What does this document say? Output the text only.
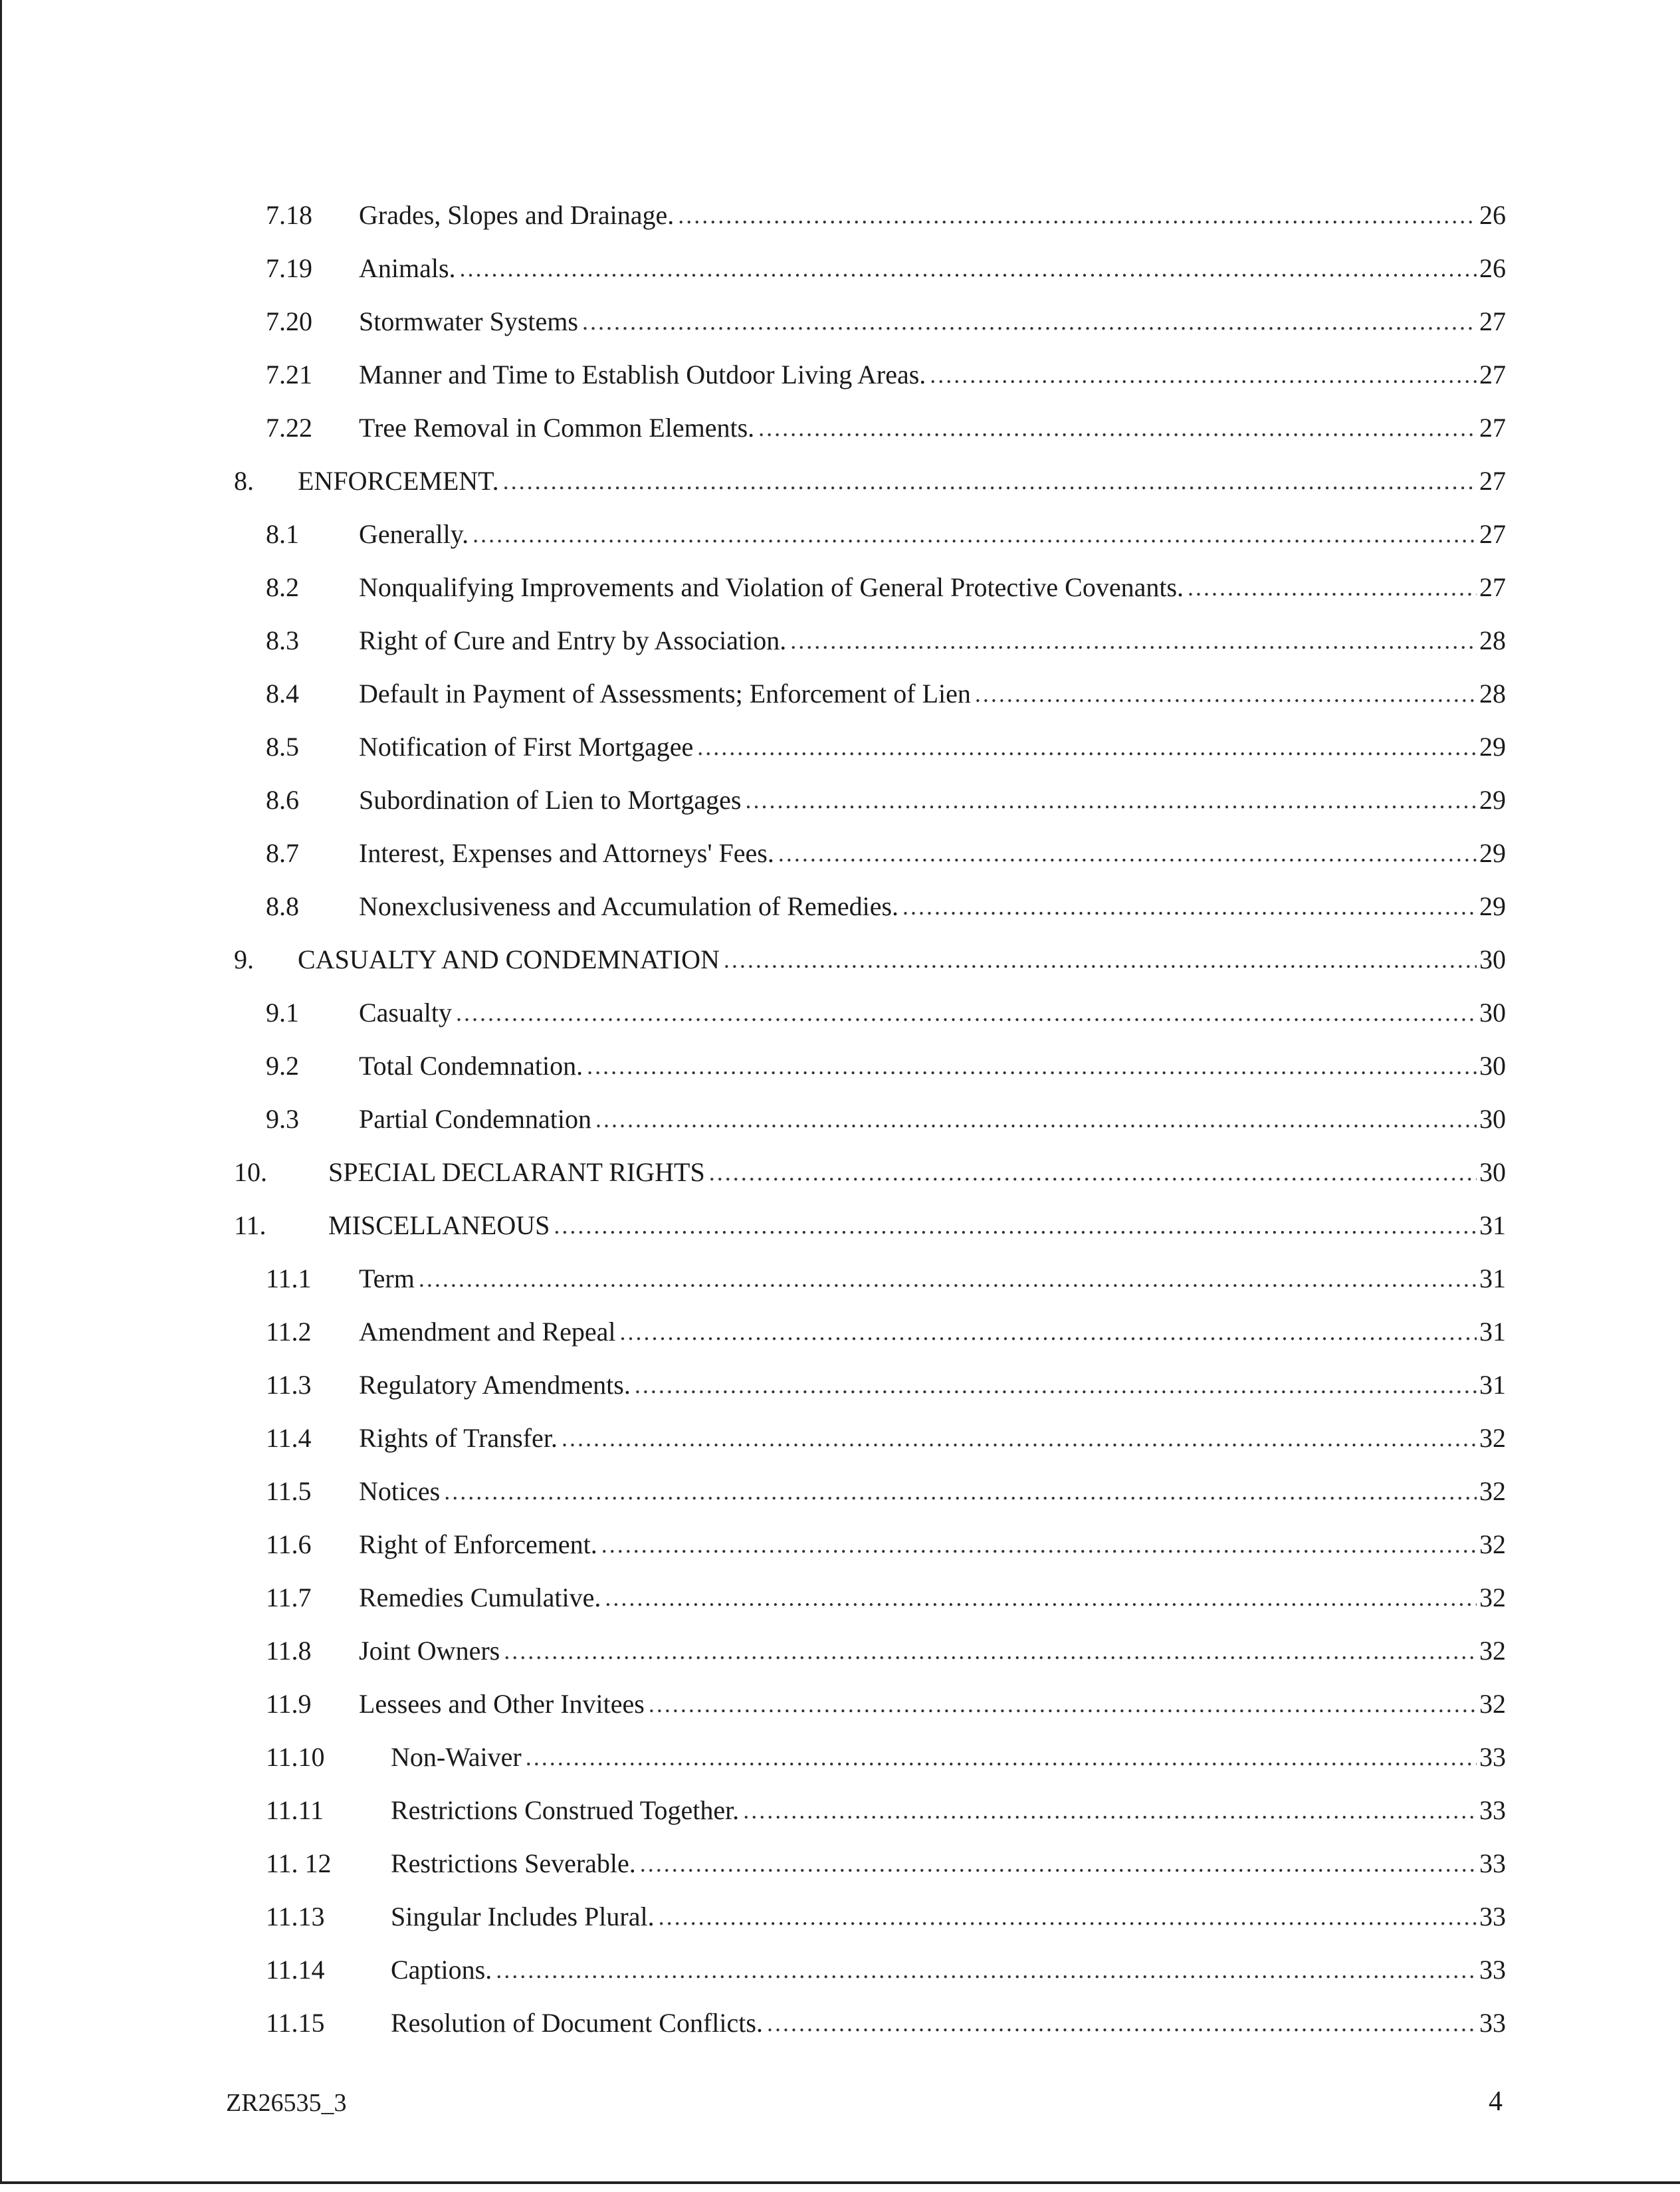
7.18	Grades, Slopes and Drainage. .....	26
7.19	Animals. .....	26
7.20	Stormwater Systems .....	27
7.21	Manner and Time to Establish Outdoor Living Areas. .....	27
7.22	Tree Removal in Common Elements. .....	27
8.	ENFORCEMENT. .....	27
8.1	Generally. .....	27
8.2	Nonqualifying Improvements and Violation of General Protective Covenants. .....	27
8.3	Right of Cure and Entry by Association. .....	28
8.4	Default in Payment of Assessments; Enforcement of Lien .....	28
8.5	Notification of First Mortgagee .....	29
8.6	Subordination of Lien to Mortgages .....	29
8.7	Interest, Expenses and Attorneys' Fees. .....	29
8.8	Nonexclusiveness and Accumulation of Remedies. .....	29
9.	CASUALTY AND CONDEMNATION .....	30
9.1	Casualty .....	30
9.2	Total Condemnation. .....	30
9.3	Partial Condemnation .....	30
10.	SPECIAL DECLARANT RIGHTS .....	30
11.	MISCELLANEOUS .....	31
11.1	Term .....	31
11.2	Amendment and Repeal .....	31
11.3	Regulatory Amendments. .....	31
11.4	Rights of Transfer. .....	32
11.5	Notices .....	32
11.6	Right of Enforcement. .....	32
11.7	Remedies Cumulative. .....	32
11.8	Joint Owners .....	32
11.9	Lessees and Other Invitees .....	32
11.10	Non-Waiver .....	33
11.11	Restrictions Construed Together. .....	33
11. 12	Restrictions Severable. .....	33
11.13	Singular Includes Plural. .....	33
11.14	Captions. .....	33
11.15	Resolution of Document Conflicts. .....	33
ZR26535_3	4
